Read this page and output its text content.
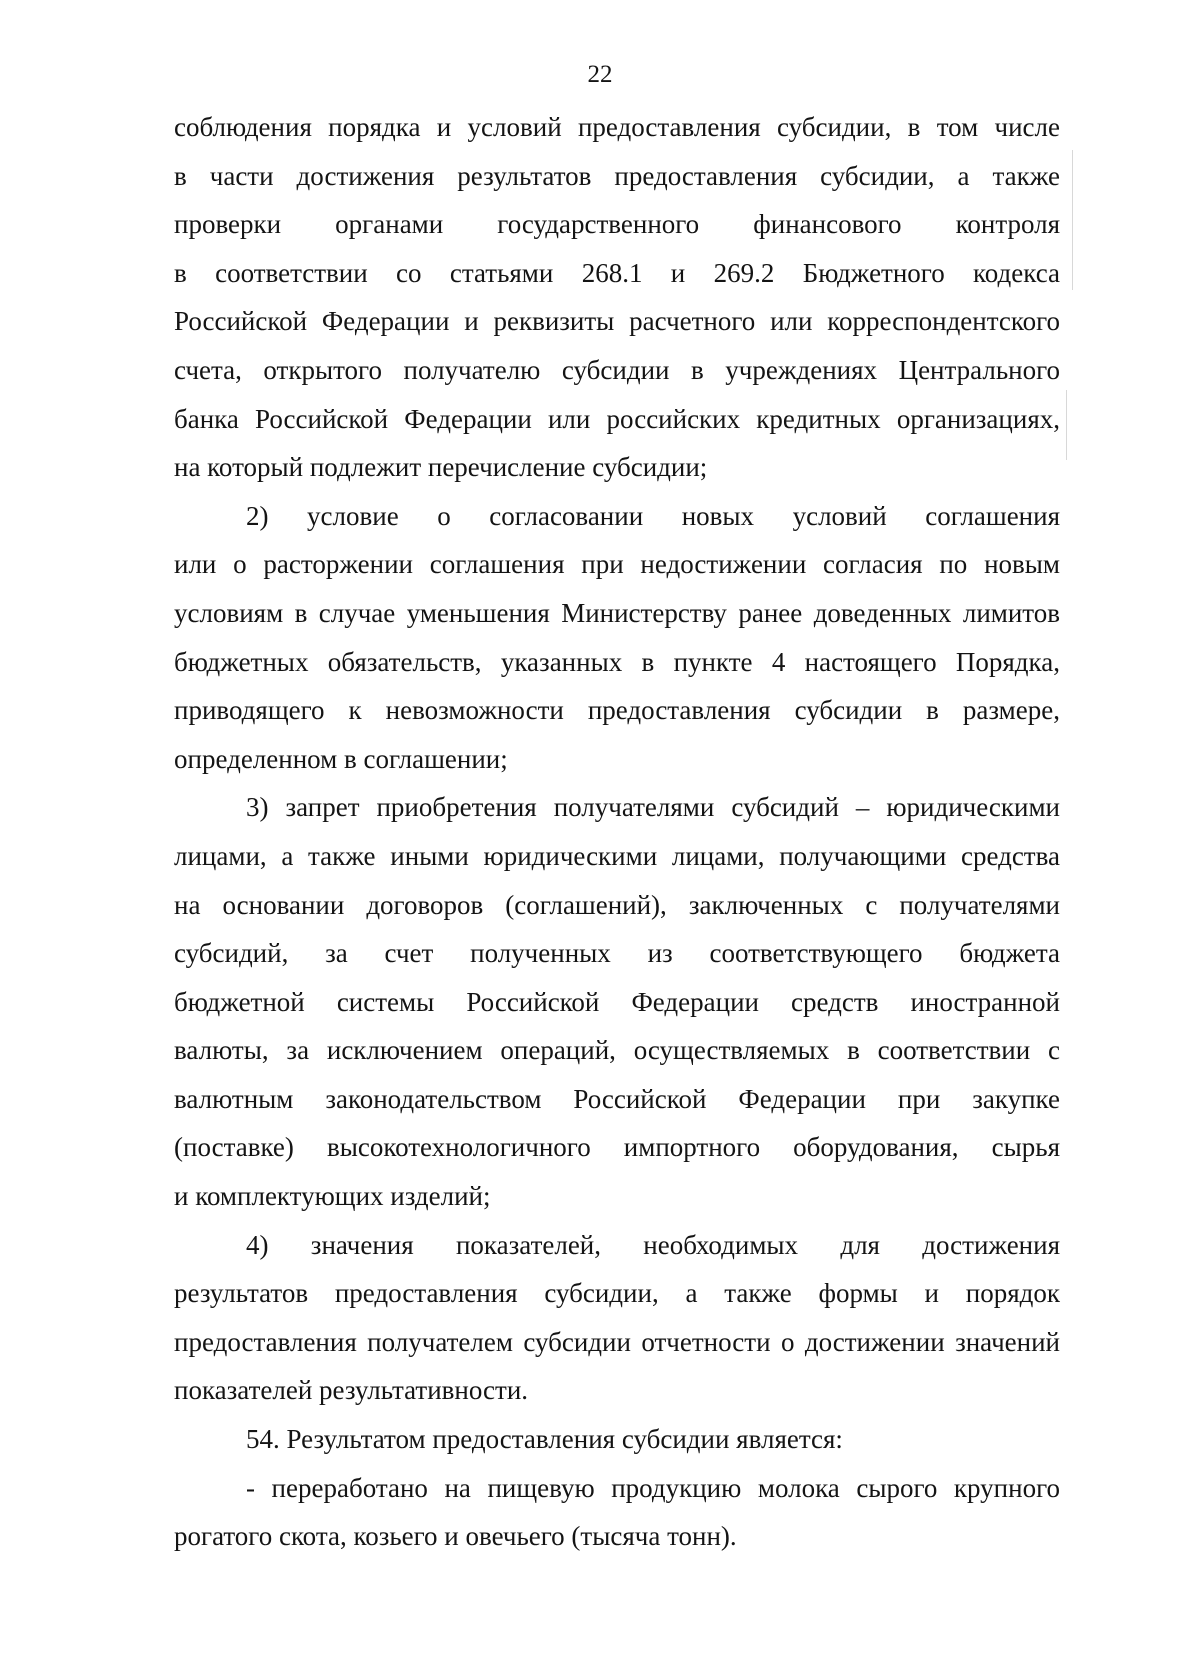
22
соблюдения порядка и условий предоставления субсидии, в том числе
в части достижения результатов предоставления субсидии, а также
проверки органами государственного финансового контроля
в соответствии со статьями 268.1 и 269.2 Бюджетного кодекса
Российской Федерации и реквизиты расчетного или корреспондентского
счета, открытого получателю субсидии в учреждениях Центрального
банка Российской Федерации или российских кредитных организациях,
на который подлежит перечисление субсидии;
2) условие о согласовании новых условий соглашения
или о расторжении соглашения при недостижении согласия по новым
условиям в случае уменьшения Министерству ранее доведенных лимитов
бюджетных обязательств, указанных в пункте 4 настоящего Порядка,
приводящего к невозможности предоставления субсидии в размере,
определенном в соглашении;
3) запрет приобретения получателями субсидий – юридическими
лицами, а также иными юридическими лицами, получающими средства
на основании договоров (соглашений), заключенных с получателями
субсидий, за счет полученных из соответствующего бюджета
бюджетной системы Российской Федерации средств иностранной
валюты, за исключением операций, осуществляемых в соответствии с
валютным законодательством Российской Федерации при закупке
(поставке) высокотехнологичного импортного оборудования, сырья
и комплектующих изделий;
4) значения показателей, необходимых для достижения
результатов предоставления субсидии, а также формы и порядок
предоставления получателем субсидии отчетности о достижении значений
показателей результативности.
54. Результатом предоставления субсидии является:
- переработано на пищевую продукцию молока сырого крупного
рогатого скота, козьего и овечьего (тысяча тонн).
